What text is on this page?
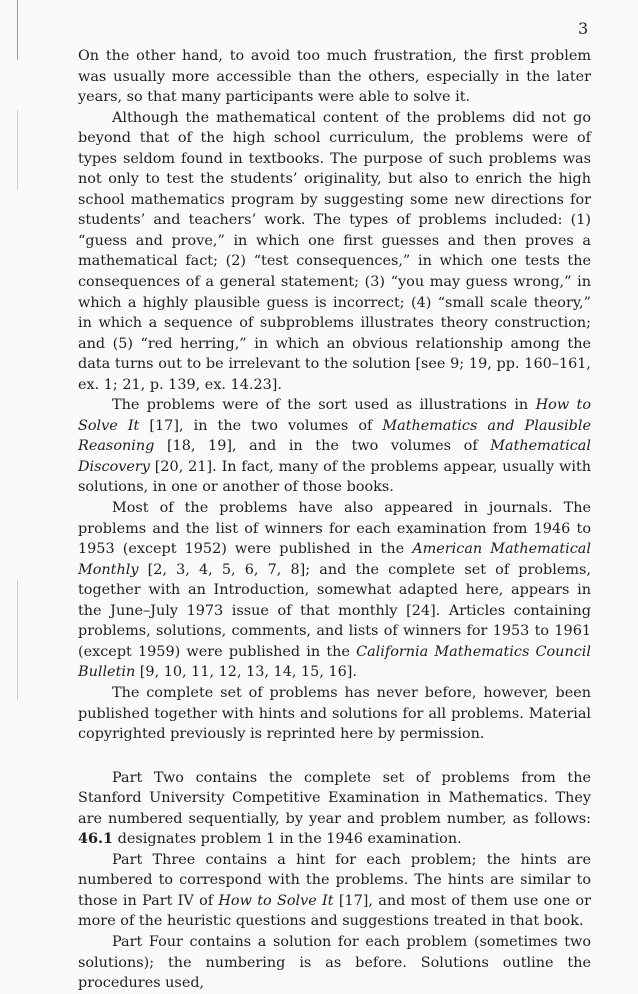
3

On the other hand, to avoid too much frustration, the first problem was usually more accessible than the others, especially in the later years, so that many participants were able to solve it.

Although the mathematical content of the problems did not go beyond that of the high school curriculum, the problems were of types seldom found in textbooks. The purpose of such problems was not only to test the students’ originality, but also to enrich the high school mathematics program by suggesting some new directions for students’ and teachers’ work. The types of problems included: (1) “guess and prove,” in which one first guesses and then proves a mathematical fact; (2) “test consequences,” in which one tests the consequences of a general statement; (3) “you may guess wrong,” in which a highly plausible guess is incorrect; (4) “small scale theory,” in which a sequence of subproblems illustrates theory construction; and (5) “red herring,” in which an obvious relationship among the data turns out to be irrelevant to the solution [see 9; 19, pp. 160–161, ex. 1; 21, p. 139, ex. 14.23].

The problems were of the sort used as illustrations in How to Solve It [17], in the two volumes of Mathematics and Plausible Reasoning [18, 19], and in the two volumes of Mathematical Discovery [20, 21]. In fact, many of the problems appear, usually with solutions, in one or another of those books.

Most of the problems have also appeared in journals. The problems and the list of winners for each examination from 1946 to 1953 (except 1952) were published in the American Mathematical Monthly [2, 3, 4, 5, 6, 7, 8]; and the complete set of problems, together with an Introduction, somewhat adapted here, appears in the June–July 1973 issue of that monthly [24]. Articles containing problems, solutions, comments, and lists of winners for 1953 to 1961 (except 1959) were published in the California Mathematics Council Bulletin [9, 10, 11, 12, 13, 14, 15, 16].

The complete set of problems has never before, however, been published together with hints and solutions for all problems. Material copyrighted previously is reprinted here by permission.

Part Two contains the complete set of problems from the Stanford University Competitive Examination in Mathematics. They are numbered sequentially, by year and problem number, as follows: 46.1 designates problem 1 in the 1946 examination.

Part Three contains a hint for each problem; the hints are numbered to correspond with the problems. The hints are similar to those in Part IV of How to Solve It [17], and most of them use one or more of the heuristic questions and suggestions treated in that book.

Part Four contains a solution for each problem (sometimes two solutions); the numbering is as before. Solutions outline the procedures used,
